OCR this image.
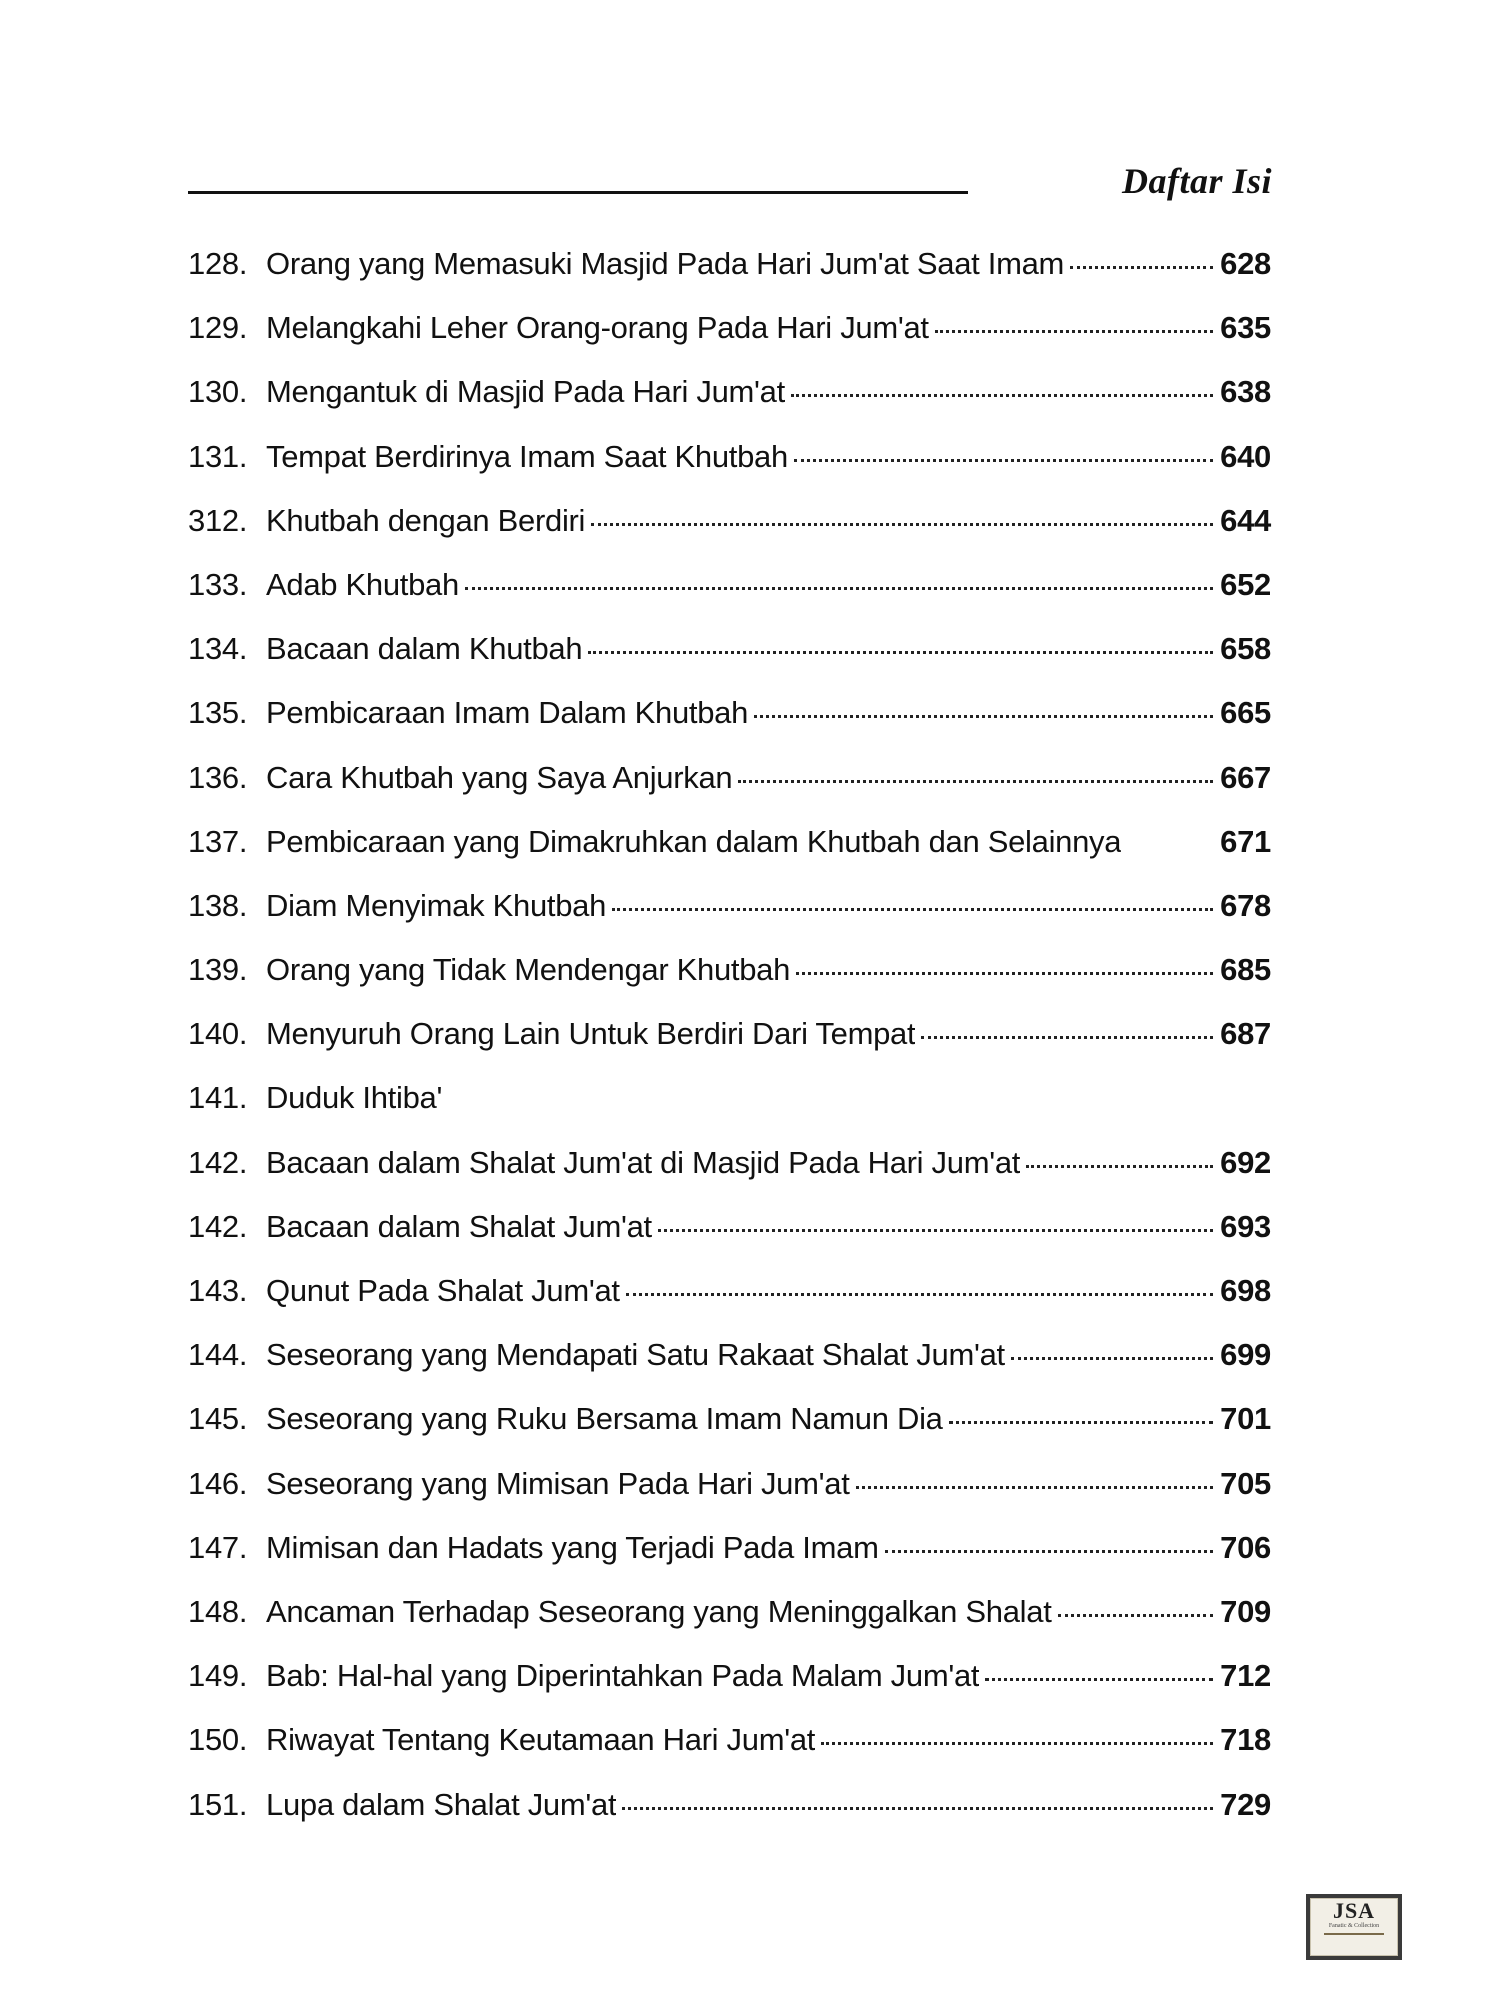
Daftar Isi
128. Orang yang Memasuki Masjid Pada Hari Jum'at Saat Imam	628
129. Melangkahi Leher Orang-orang Pada Hari Jum'at	635
130. Mengantuk di Masjid Pada Hari Jum'at	638
131. Tempat Berdirinya Imam Saat Khutbah	640
312. Khutbah dengan Berdiri	644
133. Adab Khutbah	652
134. Bacaan dalam Khutbah	658
135. Pembicaraan Imam Dalam Khutbah	665
136. Cara Khutbah yang Saya Anjurkan	667
137. Pembicaraan yang Dimakruhkan dalam Khutbah dan Selainnya	671
138. Diam Menyimak Khutbah	678
139. Orang yang Tidak Mendengar Khutbah	685
140. Menyuruh Orang Lain Untuk Berdiri Dari Tempat	687
141. Duduk Ihtiba'
142. Bacaan dalam Shalat Jum'at di Masjid Pada Hari Jum'at	692
142. Bacaan dalam Shalat Jum'at	693
143. Qunut Pada Shalat Jum'at	698
144. Seseorang yang Mendapati Satu Rakaat Shalat Jum'at	699
145. Seseorang yang Ruku Bersama Imam Namun Dia	701
146. Seseorang yang Mimisan Pada Hari Jum'at	705
147. Mimisan dan Hadats yang Terjadi Pada Imam	706
148. Ancaman Terhadap Seseorang yang Meninggalkan Shalat	709
149. Bab: Hal-hal yang Diperintahkan Pada Malam Jum'at	712
150. Riwayat Tentang Keutamaan Hari Jum'at	718
151. Lupa dalam Shalat Jum'at	729
JSA
Fanatic & Collection
